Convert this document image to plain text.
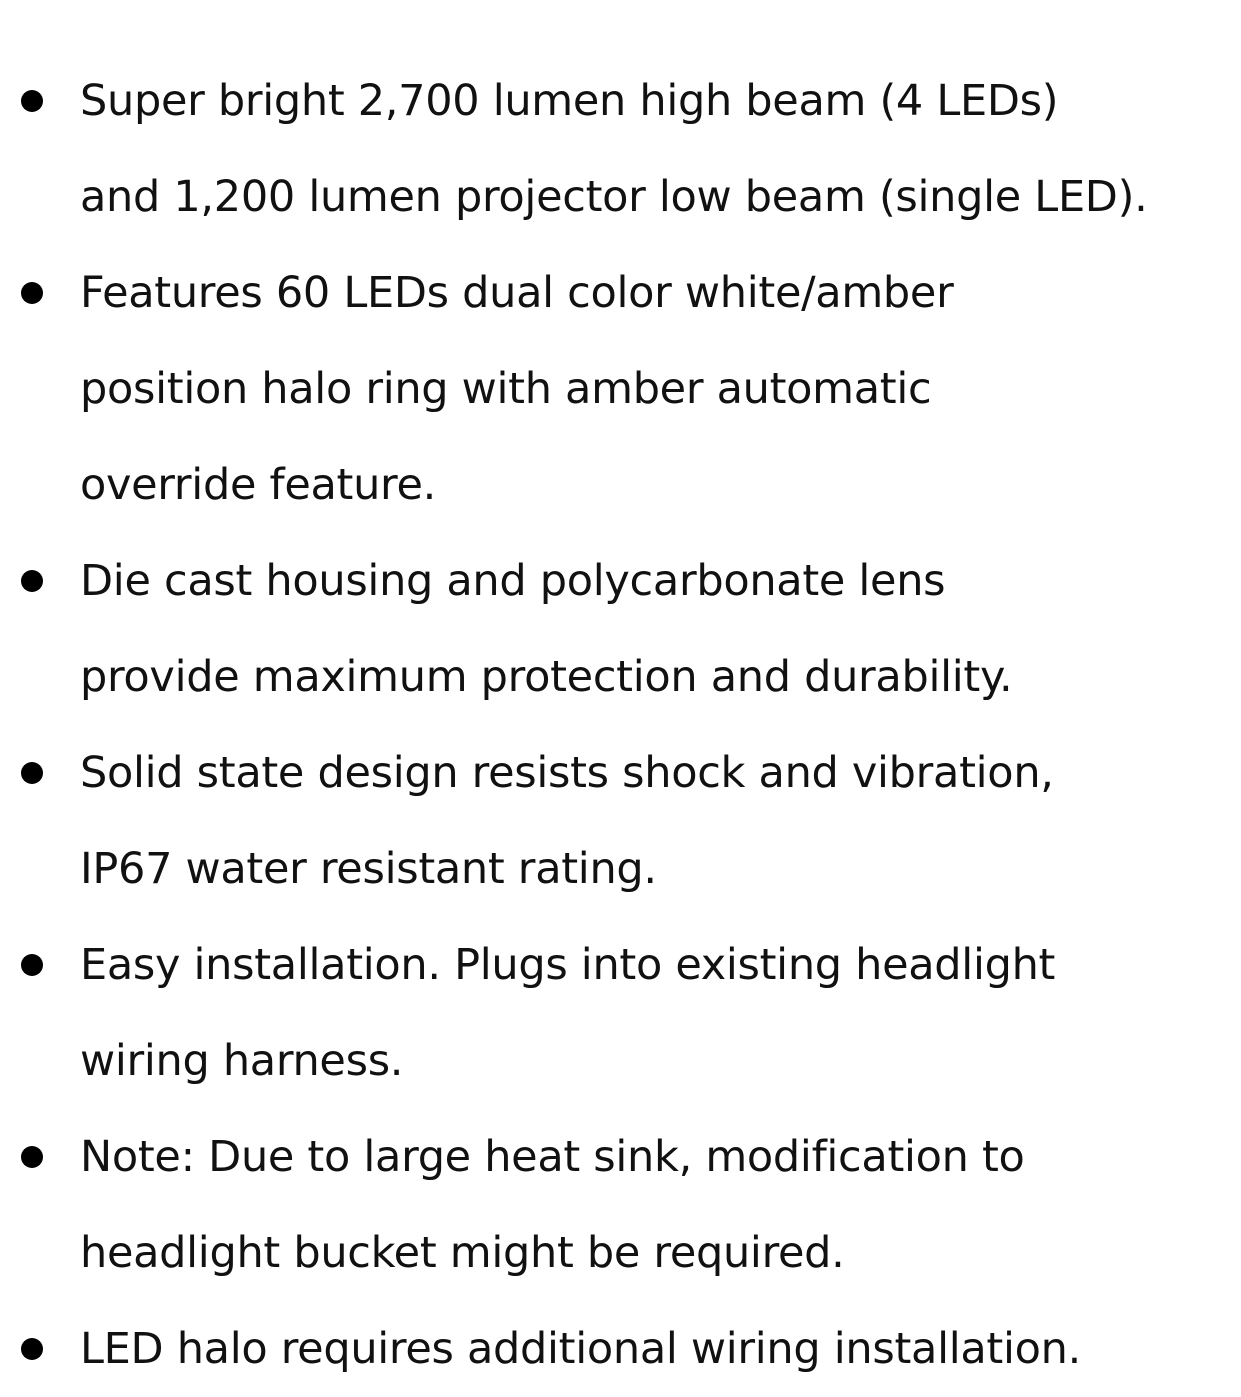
Super bright 2,700 lumen high beam (4 LEDs)
and 1,200 lumen projector low beam (single LED).
Features 60 LEDs dual color white/amber
position halo ring with amber automatic
override feature.
Die cast housing and polycarbonate lens
provide maximum protection and durability.
Solid state design resists shock and vibration,
IP67 water resistant rating.
Easy installation. Plugs into existing headlight
wiring harness.
Note: Due to large heat sink, modification to
headlight bucket might be required.
LED halo requires additional wiring installation.
